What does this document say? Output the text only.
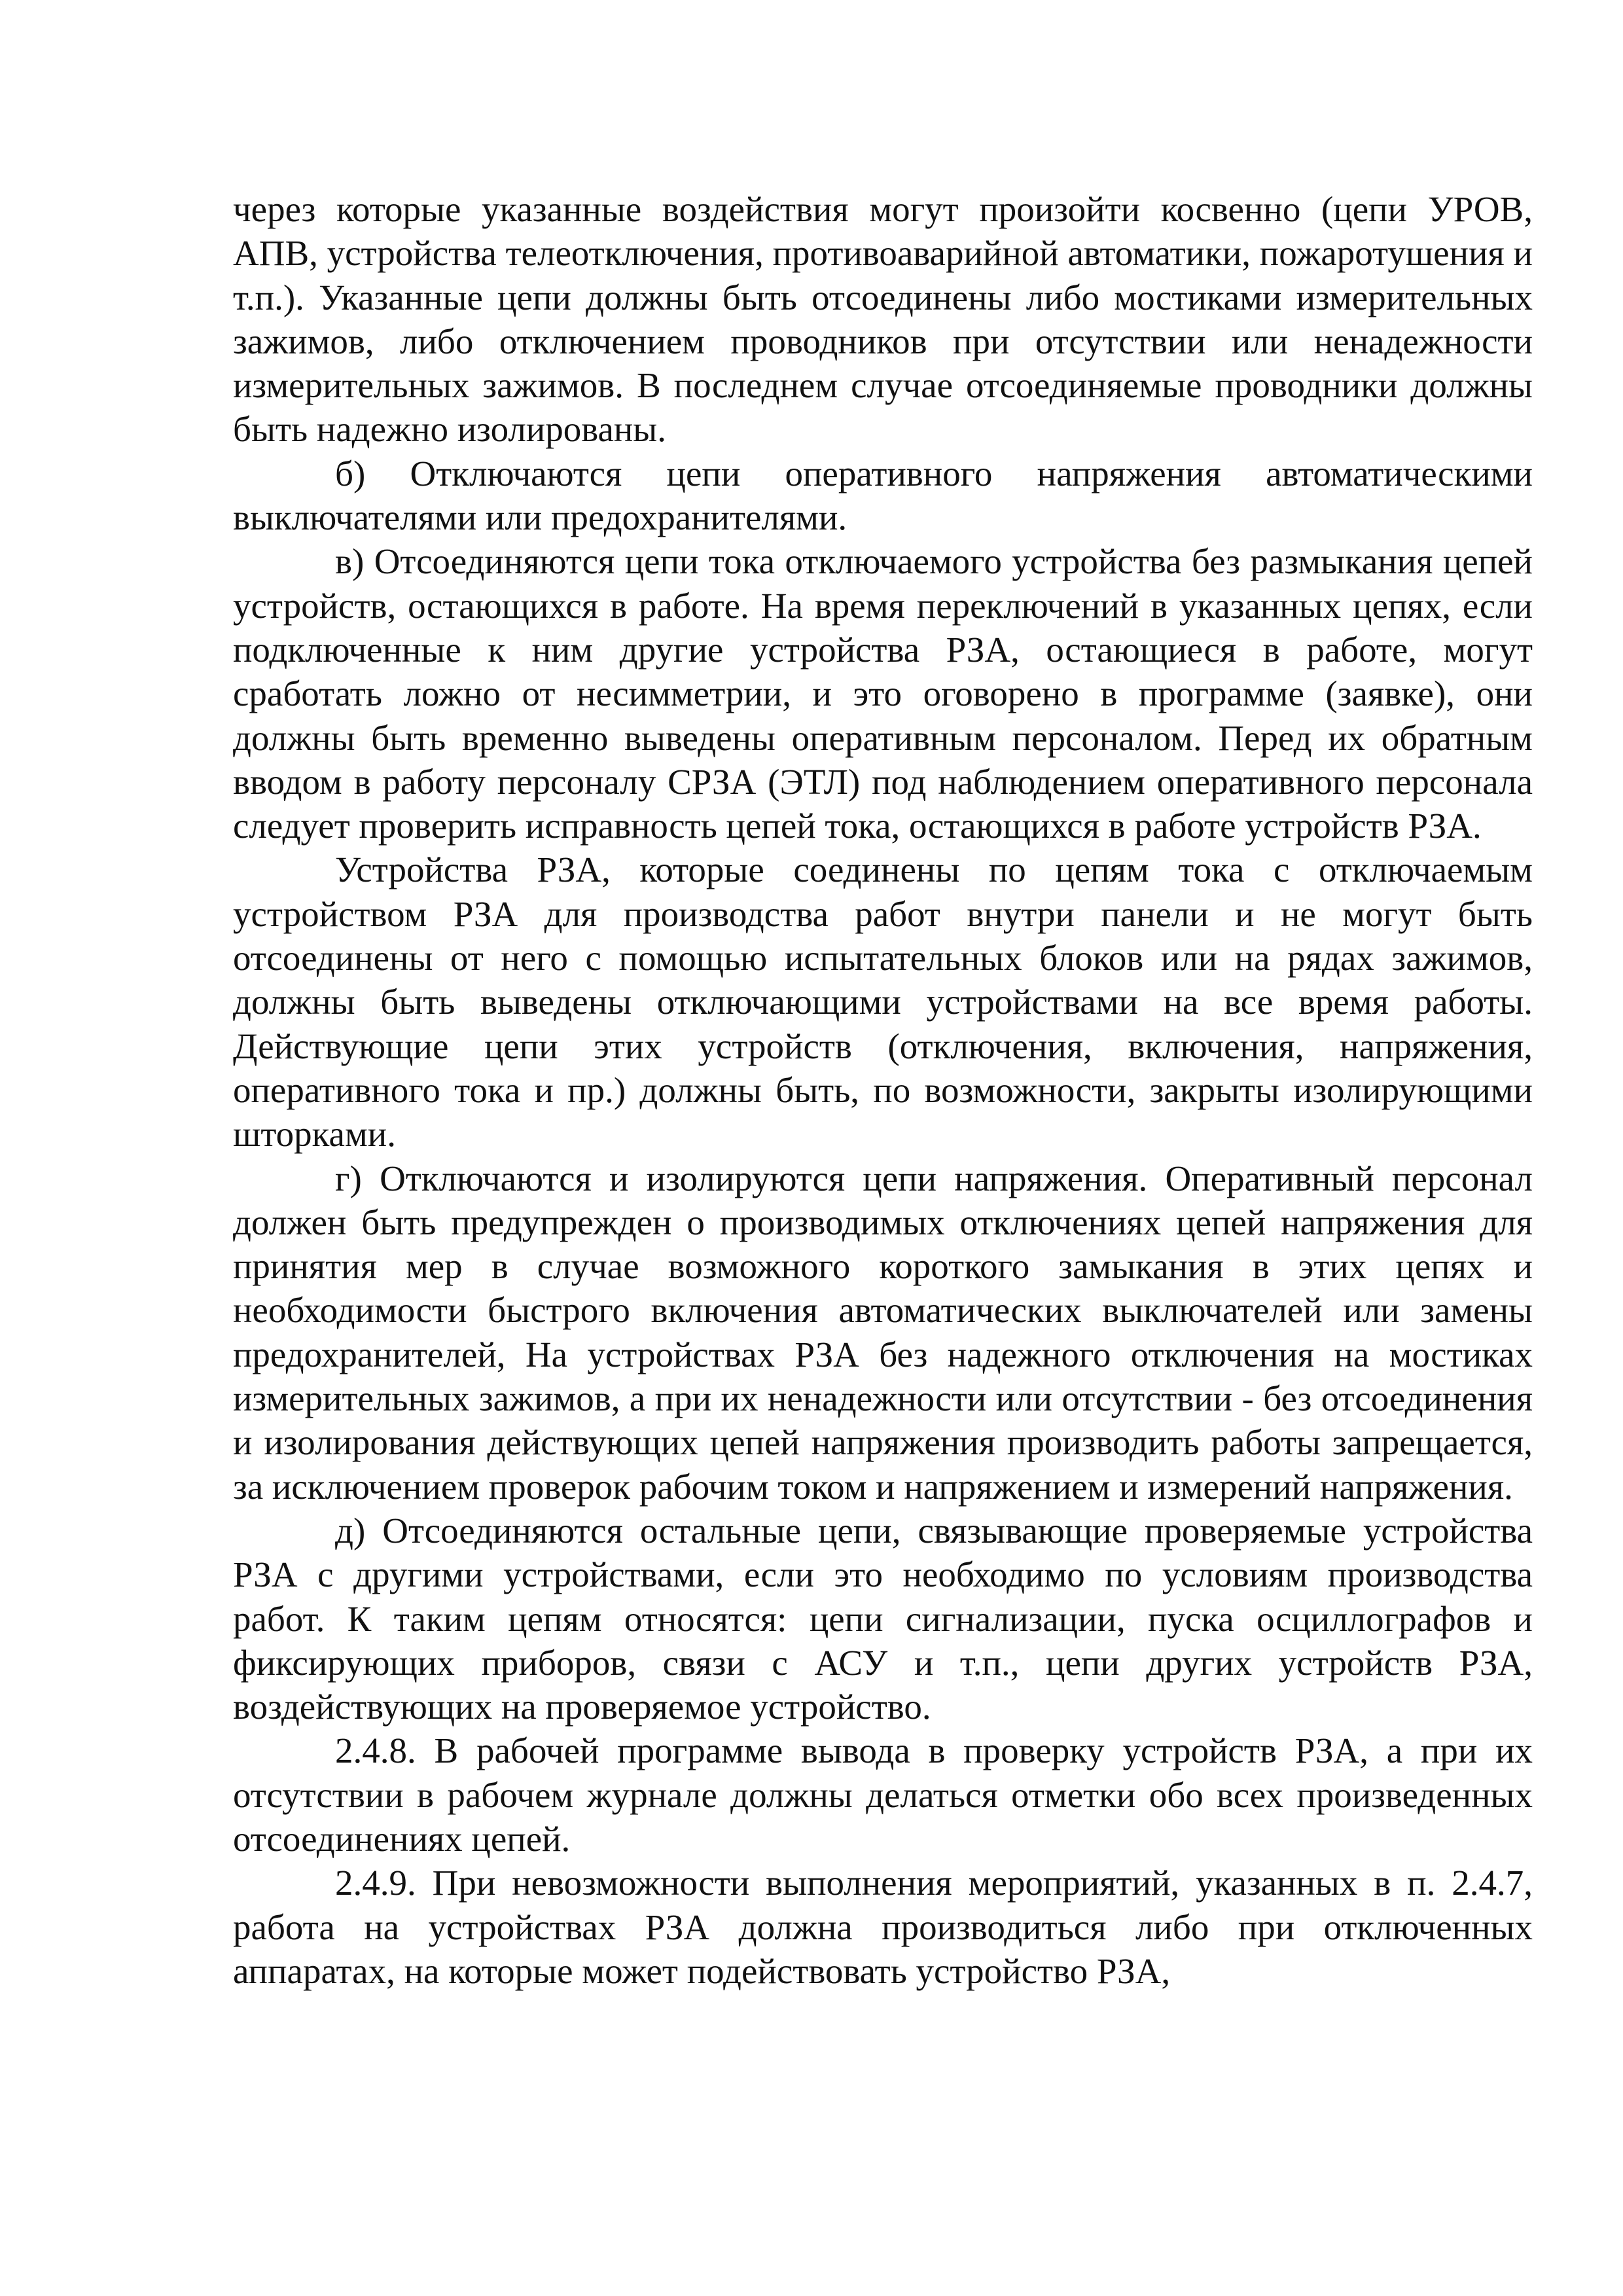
через которые указанные воздействия могут произойти косвенно (цепи УРОВ, АПВ, устройства телеотключения, противоаварийной автоматики, пожаротушения и т.п.). Указанные цепи должны быть отсоединены либо мостиками измерительных зажимов, либо отключением проводников при отсутствии или ненадежности измерительных зажимов. В последнем случае отсоединяемые проводники должны быть надежно изолированы.

б) Отключаются цепи оперативного напряжения автоматическими выключателями или предохранителями.

в) Отсоединяются цепи тока отключаемого устройства без размыкания цепей устройств, остающихся в работе. На время переключений в указанных цепях, если подключенные к ним другие устройства РЗА, остающиеся в работе, могут сработать ложно от несимметрии, и это оговорено в программе (заявке), они должны быть временно выведены оперативным персоналом. Перед их обратным вводом в работу персоналу СРЗА (ЭТЛ) под наблюдением оперативного персонала следует проверить исправность цепей тока, остающихся в работе устройств РЗА.

Устройства РЗА, которые соединены по цепям тока с отключаемым устройством РЗА для производства работ внутри панели и не могут быть отсоединены от него с помощью испытательных блоков или на рядах зажимов, должны быть выведены отключающими устройствами на все время работы. Действующие цепи этих устройств (отключения, включения, напряжения, оперативного тока и пр.) должны быть, по возможности, закрыты изолирующими шторками.

г) Отключаются и изолируются цепи напряжения. Оперативный персонал должен быть предупрежден о производимых отключениях цепей напряжения для принятия мер в случае возможного короткого замыкания в этих цепях и необходимости быстрого включения автоматических выключателей или замены предохранителей, На устройствах РЗА без надежного отключения на мостиках измерительных зажимов, а при их ненадежности или отсутствии - без отсоединения и изолирования действующих цепей напряжения производить работы запрещается, за исключением проверок рабочим током и напряжением и измерений напряжения.

д) Отсоединяются остальные цепи, связывающие проверяемые устройства РЗА с другими устройствами, если это необходимо по условиям производства работ. К таким цепям относятся: цепи сигнализации, пуска осциллографов и фиксирующих приборов, связи с АСУ и т.п., цепи других устройств РЗА, воздействующих на проверяемое устройство.

2.4.8. В рабочей программе вывода в проверку устройств РЗА, а при их отсутствии в рабочем журнале должны делаться отметки обо всех произведенных отсоединениях цепей.

2.4.9. При невозможности выполнения мероприятий, указанных в п. 2.4.7, работа на устройствах РЗА должна производиться либо при отключенных аппаратах, на которые может подействовать устройство РЗА,
